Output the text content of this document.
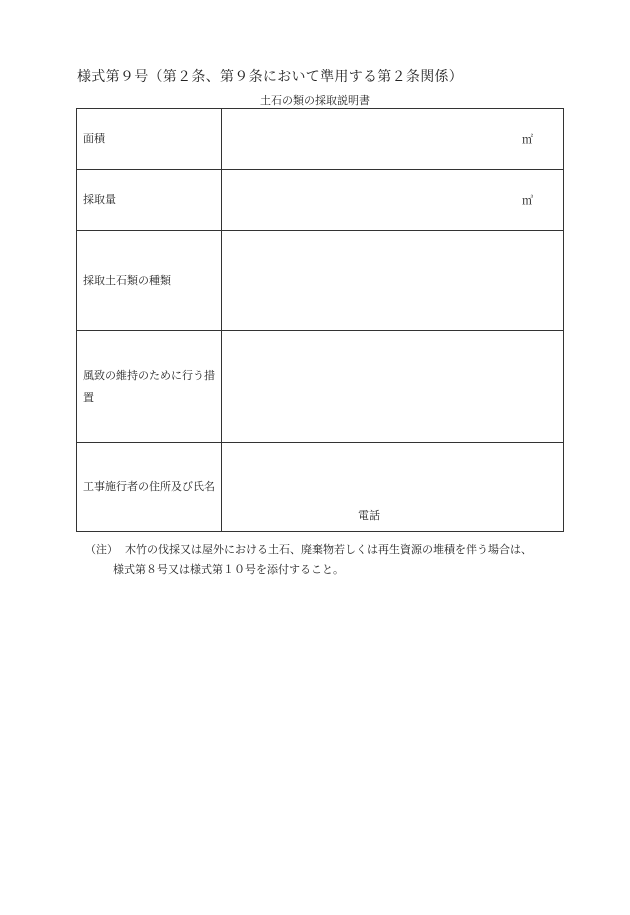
様式第９号（第２条、第９条において準用する第２条関係）
土石の類の採取説明書
面積	㎡

採取量	㎥

採取土石類の種類	
風致の維持のために行う措置	
工事施行者の住所及び氏名	電話
（注） 木竹の伐採又は屋外における土石、廃棄物若しくは再生資源の堆積を伴う場合は、
様式第８号又は様式第１０号を添付すること。
